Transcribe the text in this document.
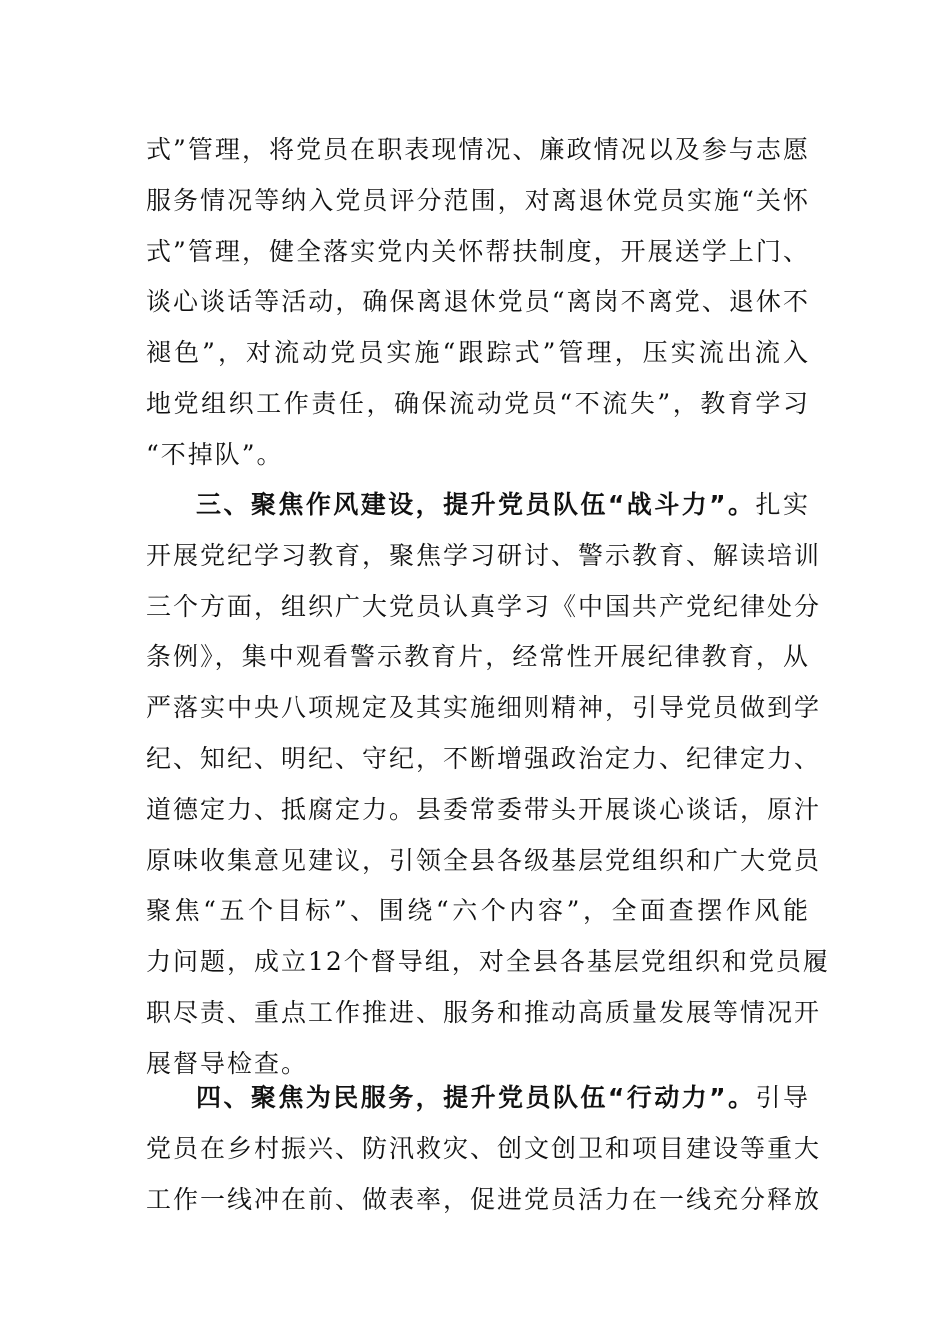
式”管理，将党员在职表现情况、廉政情况以及参与志愿
服务情况等纳入党员评分范围，对离退休党员实施“关怀
式”管理，健全落实党内关怀帮扶制度，开展送学上门、
谈心谈话等活动，确保离退休党员“离岗不离党、退休不
褪色”，对流动党员实施“跟踪式”管理，压实流出流入
地党组织工作责任，确保流动党员“不流失”，教育学习
“不掉队”。
三、聚焦作风建设，提升党员队伍“战斗力”。扎实
开展党纪学习教育，聚焦学习研讨、警示教育、解读培训
三个方面，组织广大党员认真学习《中国共产党纪律处分
条例》，集中观看警示教育片，经常性开展纪律教育，从
严落实中央八项规定及其实施细则精神，引导党员做到学
纪、知纪、明纪、守纪，不断增强政治定力、纪律定力、
道德定力、抵腐定力。县委常委带头开展谈心谈话，原汁
原味收集意见建议，引领全县各级基层党组织和广大党员
聚焦“五个目标”、围绕“六个内容”，全面查摆作风能
力问题，成立12个督导组，对全县各基层党组织和党员履
职尽责、重点工作推进、服务和推动高质量发展等情况开
展督导检查。
四、聚焦为民服务，提升党员队伍“行动力”。引导
党员在乡村振兴、防汛救灾、创文创卫和项目建设等重大
工作一线冲在前、做表率，促进党员活力在一线充分释放
